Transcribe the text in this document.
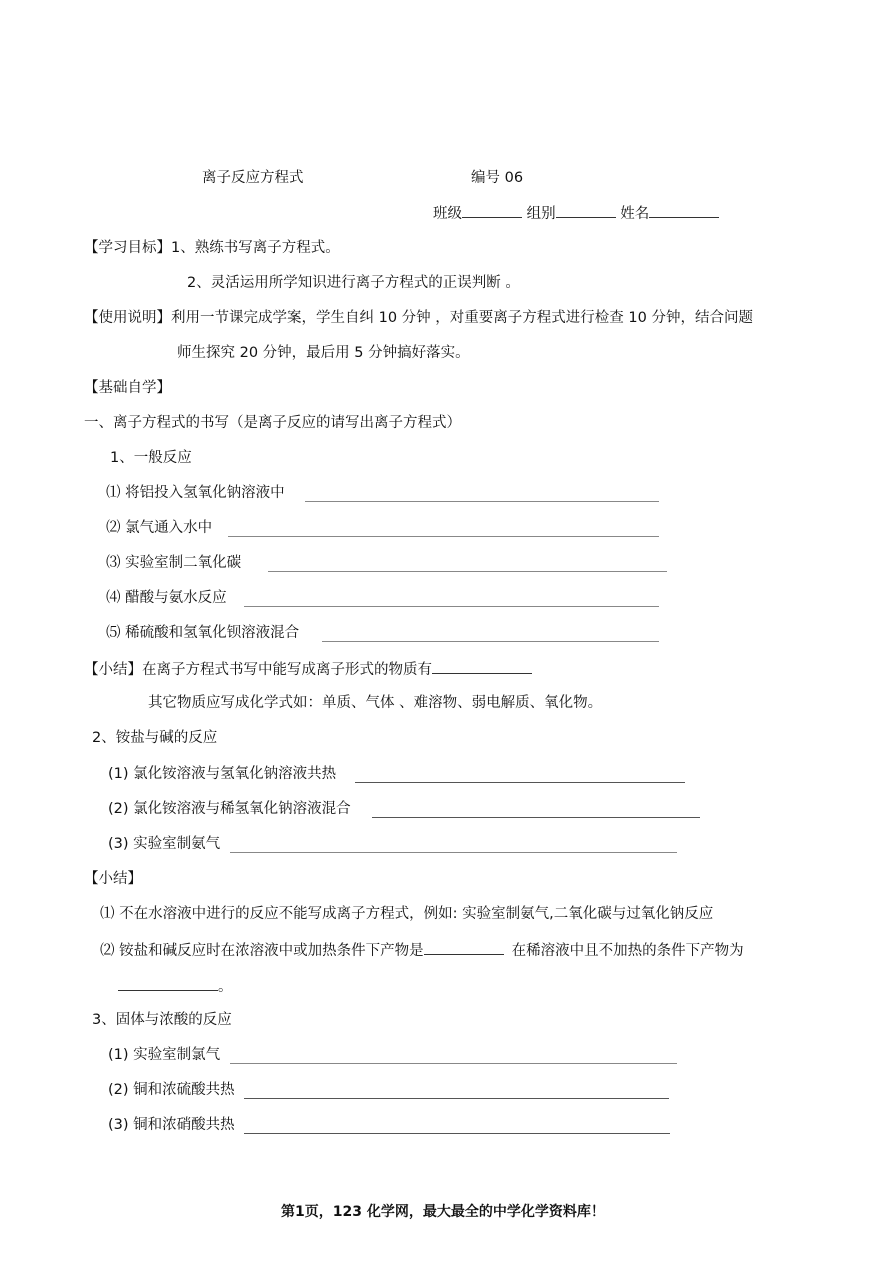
离子反应方程式	编号 06
班级	组别	姓名
【学习目标】1、熟练书写离子方程式。
2、灵活运用所学知识进行离子方程式的正误判断 。
【使用说明】利用一节课完成学案，学生自纠 10 分钟 ，对重要离子方程式进行检查 10 分钟，结合问题
师生探究 20 分钟，最后用 5 分钟搞好落实。
【基础自学】
一、离子方程式的书写（是离子反应的请写出离子方程式）
1、一般反应
⑴ 将铝投入氢氧化钠溶液中
⑵ 氯气通入水中
⑶ 实验室制二氧化碳
⑷ 醋酸与氨水反应
⑸ 稀硫酸和氢氧化钡溶液混合
【小结】在离子方程式书写中能写成离子形式的物质有
其它物质应写成化学式如：单质、气体 、难溶物、弱电解质、氧化物。
2、铵盐与碱的反应
(1) 氯化铵溶液与氢氧化钠溶液共热
(2) 氯化铵溶液与稀氢氧化钠溶液混合
(3) 实验室制氨气
【小结】
⑴ 不在水溶液中进行的反应不能写成离子方程式，例如: 实验室制氨气,二氧化碳与过氧化钠反应
⑵ 铵盐和碱反应时在浓溶液中或加热条件下产物是	在稀溶液中且不加热的条件下产物为
。
3、固体与浓酸的反应
(1) 实验室制氯气
(2) 铜和浓硫酸共热
(3) 铜和浓硝酸共热
第1页，123 化学网，最大最全的中学化学资料库！
